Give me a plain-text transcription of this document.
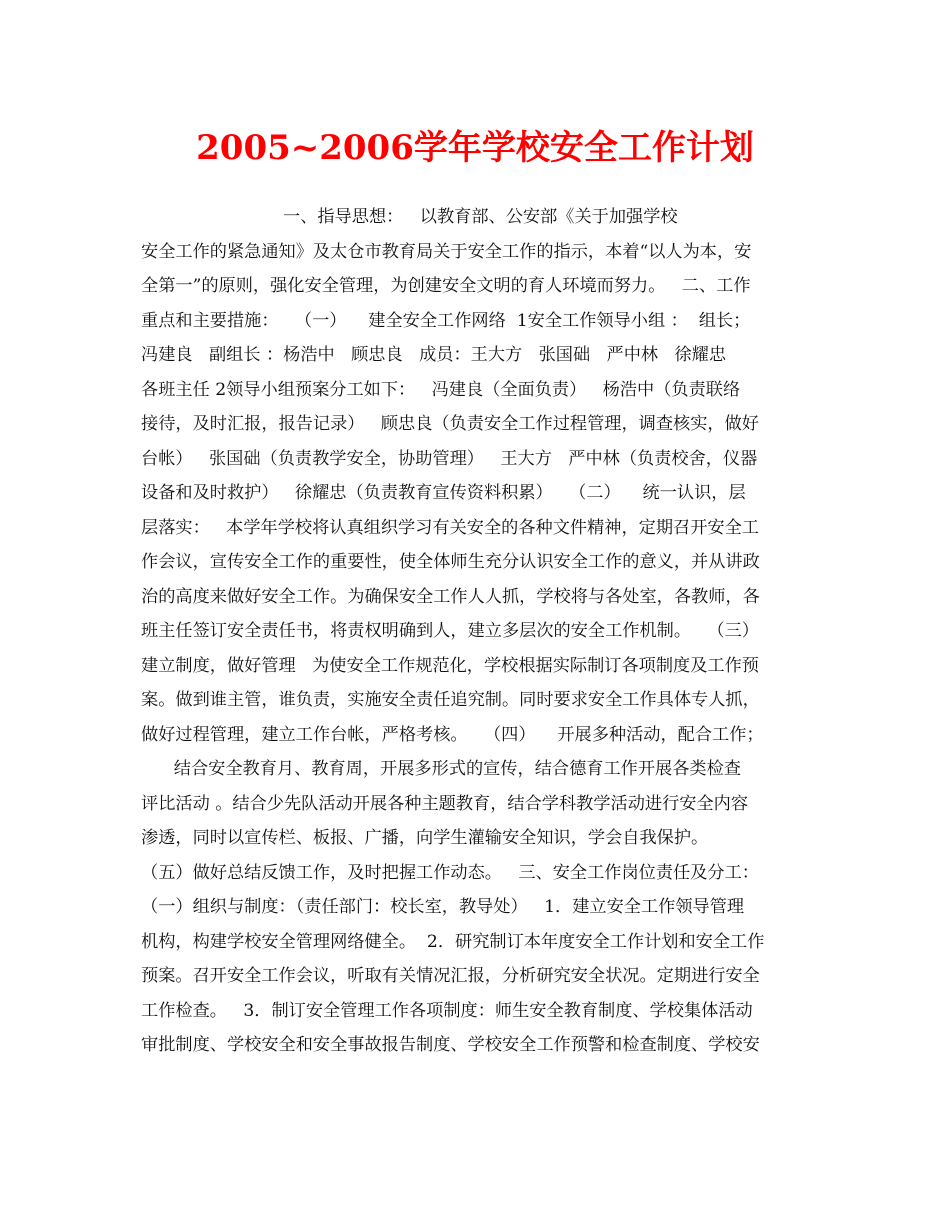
2005~2006学年学校安全工作计划
一、指导思想：   以教育部、公安部《关于加强学校
安全工作的紧急通知》及太仓市教育局关于安全工作的指示，本着“以人为本，安
全第一”的原则，强化安全管理，为创建安全文明的育人环境而努力。   二、工作
重点和主要措施：   （一）    建全安全工作网络  1安全工作领导小组 ：  组长；
冯建良   副组长 ：杨浩中   顾忠良   成员：王大方   张国础   严中林   徐耀忠
各班主任 2领导小组预案分工如下：   冯建良（全面负责）   杨浩中（负责联络
接待，及时汇报，报告记录）   顾忠良（负责安全工作过程管理，调查核实，做好
台帐）   张国础（负责教学安全，协助管理）   王大方   严中林（负责校舍，仪器
设备和及时救护）   徐耀忠（负责教育宣传资料积累）   （二）    统一认识，层
层落实：   本学年学校将认真组织学习有关安全的各种文件精神，定期召开安全工
作会议，宣传安全工作的重要性，使全体师生充分认识安全工作的意义，并从讲政
治的高度来做好安全工作。为确保安全工作人人抓，学校将与各处室，各教师，各
班主任签订安全责任书，将责权明确到人，建立多层次的安全工作机制。   （三）
建立制度，做好管理   为使安全工作规范化，学校根据实际制订各项制度及工作预
案。做到谁主管，谁负责，实施安全责任追究制。同时要求安全工作具体专人抓，
做好过程管理，建立工作台帐，严格考核。   （四）    开展多种活动，配合工作；
结合安全教育月、教育周，开展多形式的宣传，结合德育工作开展各类检查
评比活动 。结合少先队活动开展各种主题教育，结合学科教学活动进行安全内容
渗透，同时以宣传栏、板报、广播，向学生灌输安全知识，学会自我保护。
（五）做好总结反馈工作，及时把握工作动态。   三、安全工作岗位责任及分工：
（一）组织与制度：（责任部门：校长室，教导处）   1．建立安全工作领导管理
机构，构建学校安全管理网络健全。  2．研究制订本年度安全工作计划和安全工作
预案。召开安全工作会议，听取有关情况汇报，分析研究安全状况。定期进行安全
工作检查。   3．制订安全管理工作各项制度：师生安全教育制度、学校集体活动
审批制度、学校安全和安全事故报告制度、学校安全工作预警和检查制度、学校安
